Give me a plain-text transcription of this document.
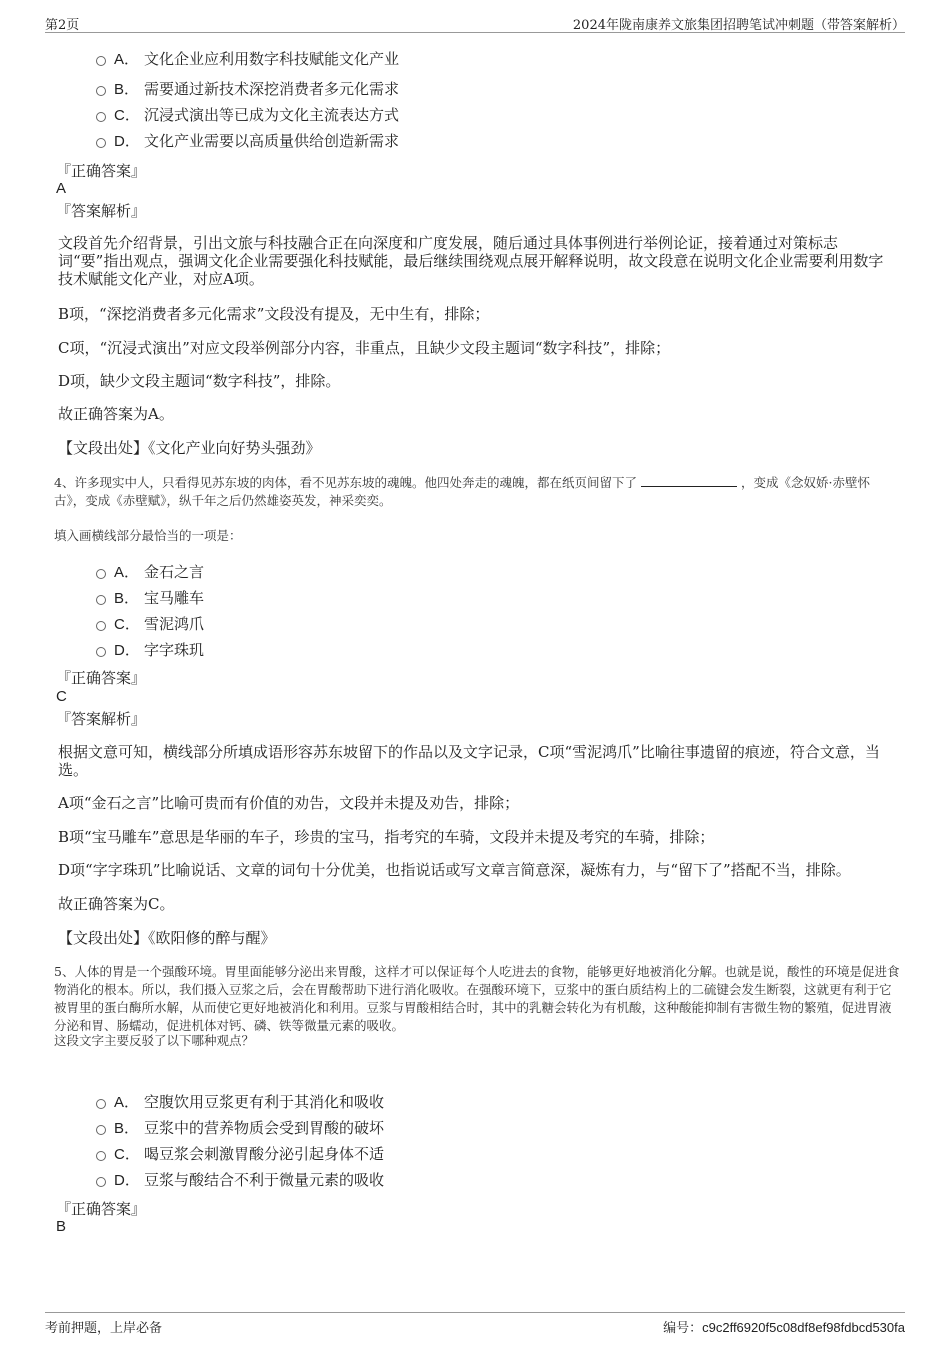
第2页	2024年陇南康养文旅集团招聘笔试冲刺题（带答案解析）
A． 文化企业应利用数字科技赋能文化产业
B． 需要通过新技术深挖消费者多元化需求
C． 沉浸式演出等已成为文化主流表达方式
D． 文化产业需要以高质量供给创造新需求
『正确答案』
A
『答案解析』
文段首先介绍背景，引出文旅与科技融合正在向深度和广度发展，随后通过具体事例进行举例论证，接着通过对策标志词“要”指出观点，强调文化企业需要强化科技赋能，最后继续围绕观点展开解释说明，故文段意在说明文化企业需要利用数字技术赋能文化产业，对应A项。
B项，“深挖消费者多元化需求”文段没有提及，无中生有，排除；
C项，“沉浸式演出”对应文段举例部分内容，非重点，且缺少文段主题词“数字科技”，排除；
D项，缺少文段主题词“数字科技”，排除。
故正确答案为A。
【文段出处】《文化产业向好势头强劲》
4、许多现实中人，只看得见苏东坡的肉体，看不见苏东坡的魂魄。他四处奔走的魂魄，都在纸页间留下了	，变成《念奴娇·赤壁怀古》，变成《赤壁赋》，纵千年之后仍然雄姿英发，神采奕奕。
填入画横线部分最恰当的一项是：
A． 金石之言
B． 宝马雕车
C． 雪泥鸿爪
D． 字字珠玑
『正确答案』
C
『答案解析』
根据文意可知，横线部分所填成语形容苏东坡留下的作品以及文字记录，C项“雪泥鸿爪”比喻往事遗留的痕迹，符合文意，当选。
A项“金石之言”比喻可贵而有价值的劝告，文段并未提及劝告，排除；
B项“宝马雕车”意思是华丽的车子，珍贵的宝马，指考究的车骑，文段并未提及考究的车骑，排除；
D项“字字珠玑”比喻说话、文章的词句十分优美，也指说话或写文章言简意深，凝炼有力，与“留下了”搭配不当，排除。
故正确答案为C。
【文段出处】《欧阳修的醉与醒》
5、人体的胃是一个强酸环境。胃里面能够分泌出来胃酸，这样才可以保证每个人吃进去的食物，能够更好地被消化分解。也就是说，酸性的环境是促进食物消化的根本。所以，我们摄入豆浆之后，会在胃酸帮助下进行消化吸收。在强酸环境下，豆浆中的蛋白质结构上的二硫键会发生断裂，这就更有利于它被胃里的蛋白酶所水解，从而使它更好地被消化和利用。豆浆与胃酸相结合时，其中的乳糖会转化为有机酸，这种酸能抑制有害微生物的繁殖，促进胃液分泌和胃、肠蠕动，促进机体对钙、磷、铁等微量元素的吸收。
这段文字主要反驳了以下哪种观点？
A． 空腹饮用豆浆更有利于其消化和吸收
B． 豆浆中的营养物质会受到胃酸的破坏
C． 喝豆浆会刺激胃酸分泌引起身体不适
D． 豆浆与酸结合不利于微量元素的吸收
『正确答案』
B
考前押题，上岸必备	编号：c9c2ff6920f5c08df8ef98fdbcd530fa
